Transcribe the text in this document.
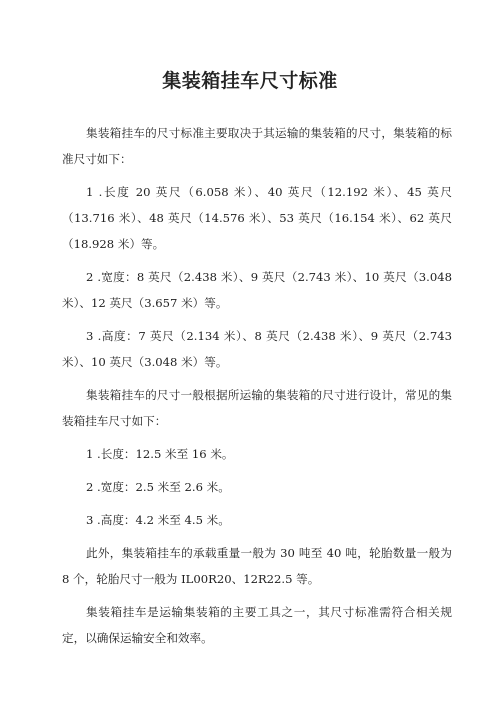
集装箱挂车尺寸标准

集装箱挂车的尺寸标准主要取决于其运输的集装箱的尺寸，集装箱的标准尺寸如下：

1 .长度 20 英尺（6.058 米）、40 英尺（12.192 米）、45 英尺（13.716 米）、48 英尺（14.576 米）、53 英尺（16.154 米）、62 英尺（18.928 米）等。

2 .宽度：8 英尺（2.438 米）、9 英尺（2.743 米）、10 英尺（3.048 米）、12 英尺（3.657 米）等。

3 .高度：7 英尺（2.134 米）、8 英尺（2.438 米）、9 英尺（2.743 米）、10 英尺（3.048 米）等。

集装箱挂车的尺寸一般根据所运输的集装箱的尺寸进行设计，常见的集装箱挂车尺寸如下：

1 .长度：12.5 米至 16 米。

2 .宽度：2.5 米至 2.6 米。

3 .高度：4.2 米至 4.5 米。

此外，集装箱挂车的承载重量一般为 30 吨至 40 吨，轮胎数量一般为 8 个，轮胎尺寸一般为 IL00R20、12R22.5 等。

集装箱挂车是运输集装箱的主要工具之一，其尺寸标准需符合相关规定，以确保运输安全和效率。
